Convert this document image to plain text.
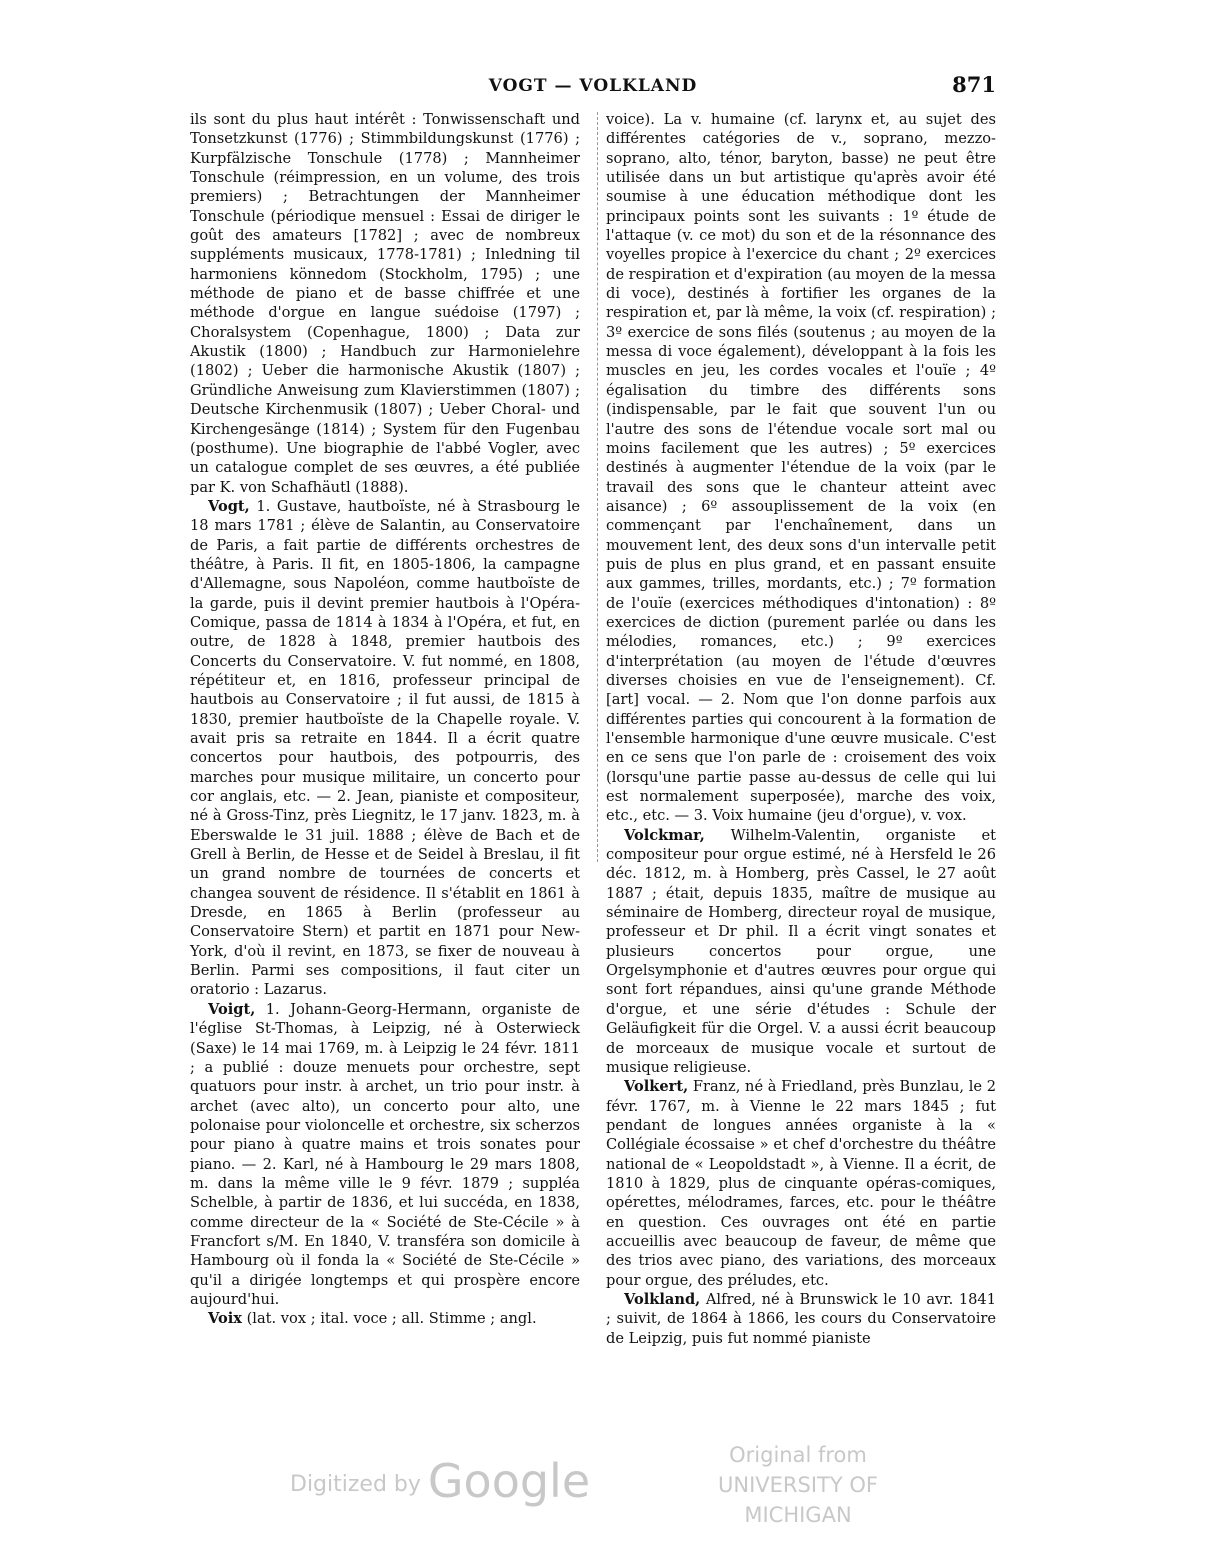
VOGT — VOLKLAND	871

ils sont du plus haut intérêt : Tonwissenschaft und Tonsetzkunst (1776) ; Stimmbildungskunst (1776) ; Kurpfälzische Tonschule (1778) ; Mannheimer Tonschule (réimpression, en un volume, des trois premiers) ; Betrachtungen der Mannheimer Tonschule (périodique mensuel : Essai de diriger le goût des amateurs [1782] ; avec de nombreux suppléments musicaux, 1778-1781) ; Inledning til harmoniens könnedom (Stockholm, 1795) ; une méthode de piano et de basse chiffrée et une méthode d'orgue en langue suédoise (1797) ; Choralsystem (Copenhague, 1800) ; Data zur Akustik (1800) ; Handbuch zur Harmonielehre (1802) ; Ueber die harmonische Akustik (1807) ; Gründliche Anweisung zum Klavierstimmen (1807) ; Deutsche Kirchenmusik (1807) ; Ueber Choral- und Kirchengesänge (1814) ; System für den Fugenbau (posthume). Une biographie de l'abbé Vogler, avec un catalogue complet de ses œuvres, a été publiée par K. von Schafhäutl (1888).

Vogt, 1. Gustave, hautboïste, né à Strasbourg le 18 mars 1781 ; élève de Salantin, au Conservatoire de Paris, a fait partie de différents orchestres de théâtre, à Paris. Il fit, en 1805-1806, la campagne d'Allemagne, sous Napoléon, comme hautboïste de la garde, puis il devint premier hautbois à l'Opéra-Comique, passa de 1814 à 1834 à l'Opéra, et fut, en outre, de 1828 à 1848, premier hautbois des Concerts du Conservatoire. V. fut nommé, en 1808, répétiteur et, en 1816, professeur principal de hautbois au Conservatoire ; il fut aussi, de 1815 à 1830, premier hautboïste de la Chapelle royale. V. avait pris sa retraite en 1844. Il a écrit quatre concertos pour hautbois, des potpourris, des marches pour musique militaire, un concerto pour cor anglais, etc. — 2. Jean, pianiste et compositeur, né à Gross-Tinz, près Liegnitz, le 17 janv. 1823, m. à Eberswalde le 31 juil. 1888 ; élève de Bach et de Grell à Berlin, de Hesse et de Seidel à Breslau, il fit un grand nombre de tournées de concerts et changea souvent de résidence. Il s'établit en 1861 à Dresde, en 1865 à Berlin (professeur au Conservatoire Stern) et partit en 1871 pour New-York, d'où il revint, en 1873, se fixer de nouveau à Berlin. Parmi ses compositions, il faut citer un oratorio : Lazarus.

Voigt, 1. Johann-Georg-Hermann, organiste de l'église St-Thomas, à Leipzig, né à Osterwieck (Saxe) le 14 mai 1769, m. à Leipzig le 24 févr. 1811 ; a publié : douze menuets pour orchestre, sept quatuors pour instr. à archet, un trio pour instr. à archet (avec alto), un concerto pour alto, une polonaise pour violoncelle et orchestre, six scherzos pour piano à quatre mains et trois sonates pour piano. — 2. Karl, né à Hambourg le 29 mars 1808, m. dans la même ville le 9 févr. 1879 ; suppléa Schelble, à partir de 1836, et lui succéda, en 1838, comme directeur de la « Société de Ste-Cécile » à Francfort s/M. En 1840, V. transféra son domicile à Hambourg où il fonda la « Société de Ste-Cécile » qu'il a dirigée longtemps et qui prospère encore aujourd'hui.

Voix (lat. vox ; ital. voce ; all. Stimme ; angl.

voice). La v. humaine (cf. larynx et, au sujet des différentes catégories de v., soprano, mezzo-soprano, alto, ténor, baryton, basse) ne peut être utilisée dans un but artistique qu'après avoir été soumise à une éducation méthodique dont les principaux points sont les suivants : 1º étude de l'attaque (v. ce mot) du son et de la résonnance des voyelles propice à l'exercice du chant ; 2º exercices de respiration et d'expiration (au moyen de la messa di voce), destinés à fortifier les organes de la respiration et, par là même, la voix (cf. respiration) ; 3º exercice de sons filés (soutenus ; au moyen de la messa di voce également), développant à la fois les muscles en jeu, les cordes vocales et l'ouïe ; 4º égalisation du timbre des différents sons (indispensable, par le fait que souvent l'un ou l'autre des sons de l'étendue vocale sort mal ou moins facilement que les autres) ; 5º exercices destinés à augmenter l'étendue de la voix (par le travail des sons que le chanteur atteint avec aisance) ; 6º assouplissement de la voix (en commençant par l'enchaînement, dans un mouvement lent, des deux sons d'un intervalle petit puis de plus en plus grand, et en passant ensuite aux gammes, trilles, mordants, etc.) ; 7º formation de l'ouïe (exercices méthodiques d'intonation) : 8º exercices de diction (purement parlée ou dans les mélodies, romances, etc.) ; 9º exercices d'interprétation (au moyen de l'étude d'œuvres diverses choisies en vue de l'enseignement). Cf. [art] vocal. — 2. Nom que l'on donne parfois aux différentes parties qui concourent à la formation de l'ensemble harmonique d'une œuvre musicale. C'est en ce sens que l'on parle de : croisement des voix (lorsqu'une partie passe au-dessus de celle qui lui est normalement superposée), marche des voix, etc., etc. — 3. Voix humaine (jeu d'orgue), v. vox.

Volckmar, Wilhelm-Valentin, organiste et compositeur pour orgue estimé, né à Hersfeld le 26 déc. 1812, m. à Homberg, près Cassel, le 27 août 1887 ; était, depuis 1835, maître de musique au séminaire de Homberg, directeur royal de musique, professeur et Dr phil. Il a écrit vingt sonates et plusieurs concertos pour orgue, une Orgelsymphonie et d'autres œuvres pour orgue qui sont fort répandues, ainsi qu'une grande Méthode d'orgue, et une série d'études : Schule der Geläufigkeit für die Orgel. V. a aussi écrit beaucoup de morceaux de musique vocale et surtout de musique religieuse.

Volkert, Franz, né à Friedland, près Bunzlau, le 2 févr. 1767, m. à Vienne le 22 mars 1845 ; fut pendant de longues années organiste à la « Collégiale écossaise » et chef d'orchestre du théâtre national de « Leopoldstadt », à Vienne. Il a écrit, de 1810 à 1829, plus de cinquante opéras-comiques, opérettes, mélodrames, farces, etc. pour le théâtre en question. Ces ouvrages ont été en partie accueillis avec beaucoup de faveur, de même que des trios avec piano, des variations, des morceaux pour orgue, des préludes, etc.

Volkland, Alfred, né à Brunswick le 10 avr. 1841 ; suivit, de 1864 à 1866, les cours du Conservatoire de Leipzig, puis fut nommé pianiste

Digitized by Google	Original from
UNIVERSITY OF MICHIGAN
